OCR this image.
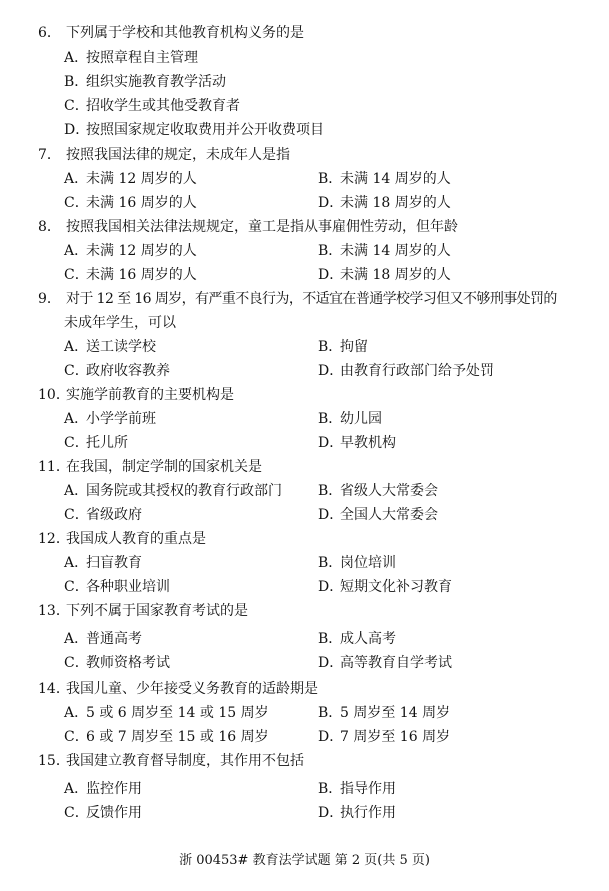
6． 下列属于学校和其他教育机构义务的是
A．按照章程自主管理
B．组织实施教育教学活动
C．招收学生或其他受教育者
D．按照国家规定收取费用并公开收费项目
7． 按照我国法律的规定，未成年人是指
A．未满 12 周岁的人	B．未满 14 周岁的人
C．未满 16 周岁的人	D．未满 18 周岁的人
8． 按照我国相关法律法规规定，童工是指从事雇佣性劳动，但年龄
A．未满 12 周岁的人	B．未满 14 周岁的人
C．未满 16 周岁的人	D．未满 18 周岁的人
9． 对于 12 至 16 周岁，有严重不良行为，不适宜在普通学校学习但又不够刑事处罚的
未成年学生，可以
A．送工读学校	B．拘留
C．政府收容教养	D．由教育行政部门给予处罚
10．实施学前教育的主要机构是
A．小学学前班	B．幼儿园
C．托儿所	D．早教机构
11．在我国，制定学制的国家机关是
A．国务院或其授权的教育行政部门	B．省级人大常委会
C．省级政府	D．全国人大常委会
12．我国成人教育的重点是
A．扫盲教育	B．岗位培训
C．各种职业培训	D．短期文化补习教育
13．下列不属于国家教育考试的是
A．普通高考	B．成人高考
C．教师资格考试	D．高等教育自学考试
14．我国儿童、少年接受义务教育的适龄期是
A．5 或 6 周岁至 14 或 15 周岁	B．5 周岁至 14 周岁
C．6 或 7 周岁至 15 或 16 周岁	D．7 周岁至 16 周岁
15．我国建立教育督导制度，其作用不包括
A．监控作用	B．指导作用
C．反馈作用	D．执行作用
浙 00453# 教育法学试题 第 2 页(共 5 页)
